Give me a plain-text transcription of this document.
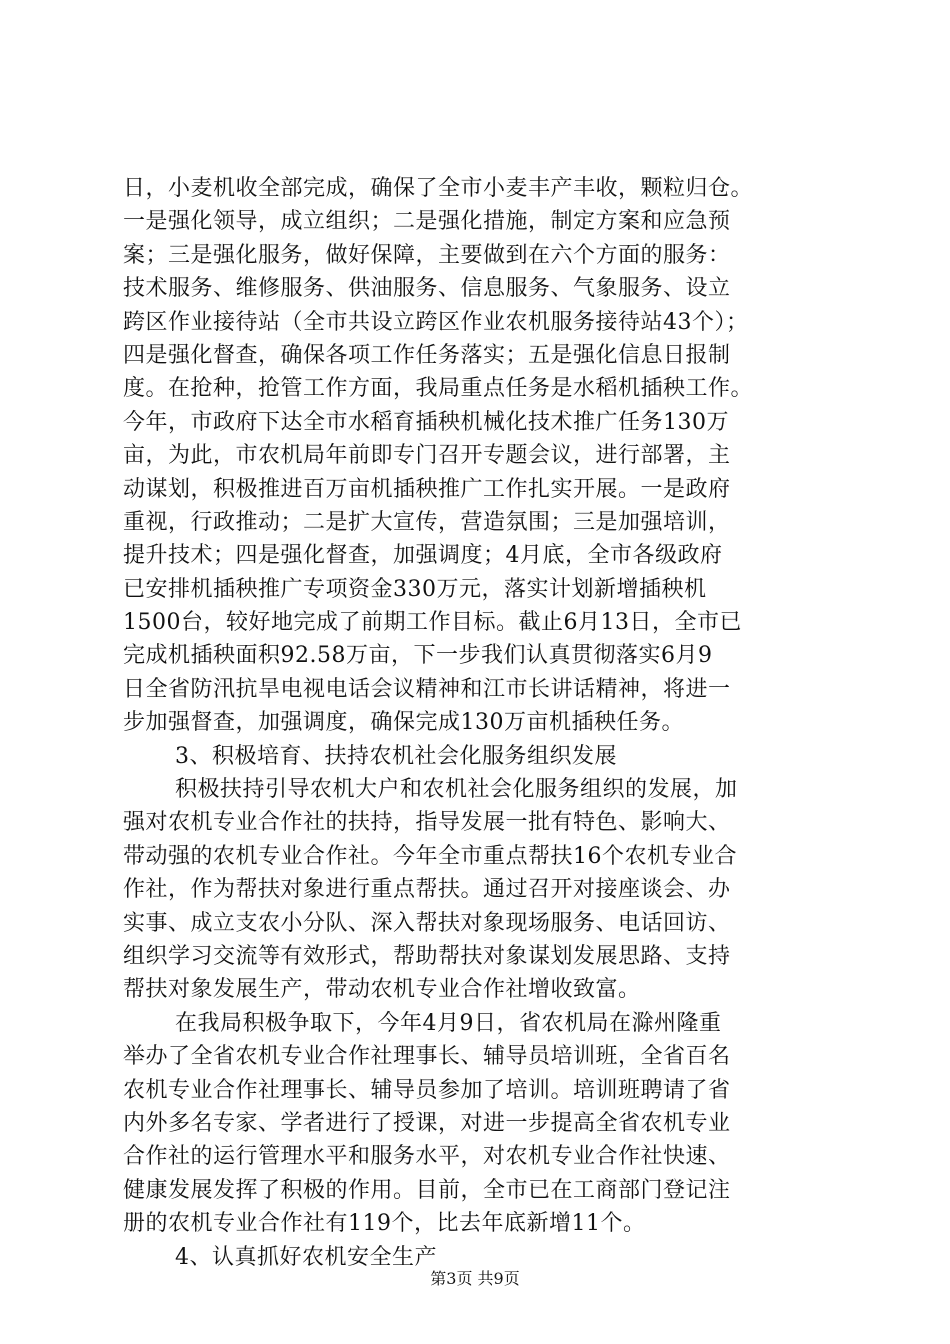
日，小麦机收全部完成，确保了全市小麦丰产丰收，颗粒归仓。
一是强化领导，成立组织；二是强化措施，制定方案和应急预
案；三是强化服务，做好保障，主要做到在六个方面的服务：
技术服务、维修服务、供油服务、信息服务、气象服务、设立
跨区作业接待站（全市共设立跨区作业农机服务接待站43个）；
四是强化督查，确保各项工作任务落实；五是强化信息日报制
度。在抢种，抢管工作方面，我局重点任务是水稻机插秧工作。
今年，市政府下达全市水稻育插秧机械化技术推广任务130万
亩，为此，市农机局年前即专门召开专题会议，进行部署，主
动谋划，积极推进百万亩机插秧推广工作扎实开展。一是政府
重视，行政推动；二是扩大宣传，营造氛围；三是加强培训，
提升技术；四是强化督查，加强调度；4月底，全市各级政府
已安排机插秧推广专项资金330万元，落实计划新增插秧机
1500台，较好地完成了前期工作目标。截止6月13日，全市已
完成机插秧面积92.58万亩，下一步我们认真贯彻落实6月9
日全省防汛抗旱电视电话会议精神和江市长讲话精神，将进一
步加强督查，加强调度，确保完成130万亩机插秧任务。
3、积极培育、扶持农机社会化服务组织发展
积极扶持引导农机大户和农机社会化服务组织的发展，加
强对农机专业合作社的扶持，指导发展一批有特色、影响大、
带动强的农机专业合作社。今年全市重点帮扶16个农机专业合
作社，作为帮扶对象进行重点帮扶。通过召开对接座谈会、办
实事、成立支农小分队、深入帮扶对象现场服务、电话回访、
组织学习交流等有效形式，帮助帮扶对象谋划发展思路、支持
帮扶对象发展生产，带动农机专业合作社增收致富。
在我局积极争取下，今年4月9日，省农机局在滁州隆重
举办了全省农机专业合作社理事长、辅导员培训班，全省百名
农机专业合作社理事长、辅导员参加了培训。培训班聘请了省
内外多名专家、学者进行了授课，对进一步提高全省农机专业
合作社的运行管理水平和服务水平，对农机专业合作社快速、
健康发展发挥了积极的作用。目前，全市已在工商部门登记注
册的农机专业合作社有119个，比去年底新增11个。
4、认真抓好农机安全生产
第3页 共9页
